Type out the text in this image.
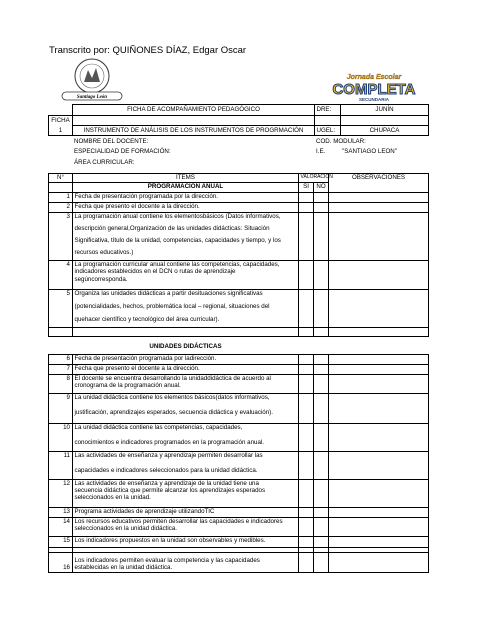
Transcrito por: QUIÑONES DÍAZ, Edgar Oscar
Santiago León
Jornada Escolar
COMPLETA
SECUNDARIA
	FICHA DE ACOMPAÑAMIENTO PEDAGÓGICO	DRE:	JUNÍN
FICHA			
1	INSTRUMENTO DE ANÁLISIS DE LOS INSTRUMENTOS DE PROGRMACIÓN	UGEL:	CHUPACA
	NOMBRE DEL DOCENTE:	COD. MODULAR:	
	ESPECIALIDAD DE FORMACIÓN:	I.E.	"SANTIAGO LEON"
	ÁREA CURRICULAR:		
N°	ÍTEMS	VALORACIÓN		OBSERVACIONES
	PROGRAMACIÓN ANUAL	SI	NO	
1	Fecha de presentación programada por la dirección.			
2	Fecha que presento el docente a la dirección.			
3	La programación anual contiene los elementosbásicos (Datos informativos,
descripción general,Organización de las unidades didácticas: Situación
Significativa, título de la unidad, competencias, capacidades y tiempo, y los
recursos educativos.)			

4	La programación curricular anual contiene las competencias, capacidades,
indicadores establecidos en el DCN o rutas de aprendizaje
segúncorresponda.			

5	Organiza las unidades didácticas a partir desituaciones significativas
(potencialidades, hechos, problemática local – regional, situaciones del
quehacer científico y tecnológico del área curricular).			

	UNIDADES DIDÁCTICAS			
6	Fecha de presentación programada por ladirección.			
7	Fecha que presento el docente a la dirección.			
8	El docente se encuentra desarrollando la unidaddidáctica de acuerdo al
cronograma de la programación anual.			

9	La unidad didáctica contiene los elementos básicos(datos informativos,
justificación, aprendizajes esperados, secuencia didáctica y evaluación).			

10	La unidad didáctica contiene las competencias, capacidades,
conocimientos e indicadores programados en la programación anual.			

11	Las actividades de enseñanza y aprendizaje permiten desarrollar las
capacidades e indicadores seleccionados para la unidad didáctica.			

12	Las actividades de enseñanza y aprendizaje de la unidad tiene una
secuencia didáctica que permite alcanzar los aprendizajes esperados
seleccionados en la unidad.			

13	Programa actividades de aprendizaje utilizandoTIC			
14	Los recursos educativos permiten desarrollar las capacidades e indicadores
seleccionados en la unidad didáctica.			

15	Los indicadores propuestos en la unidad son observables y medibles.			

16	Los indicadores permiten evaluar la competencia y las capacidades
establecidas en la unidad didáctica.			
